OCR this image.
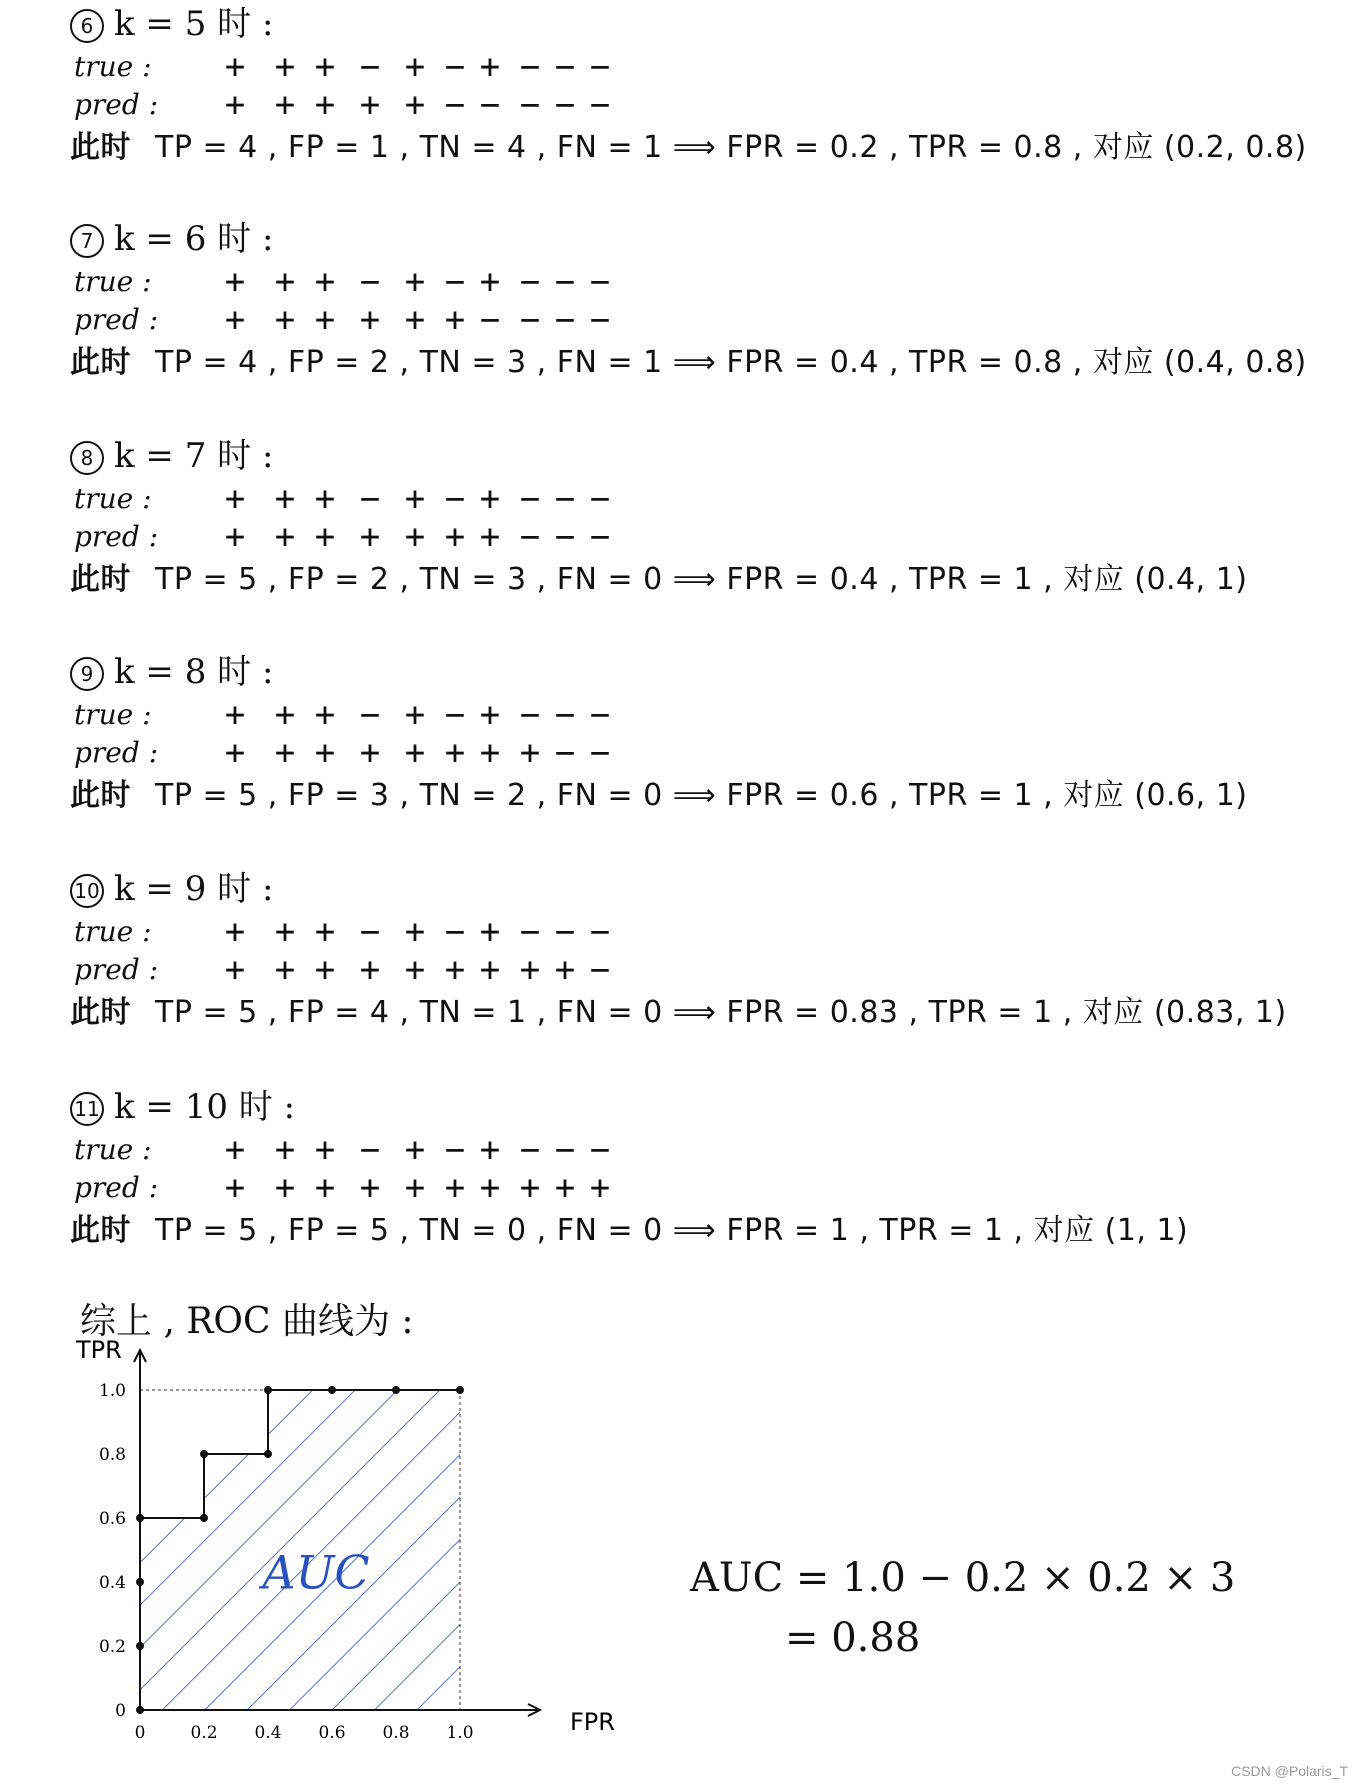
6 k = 5 时 :
true :	+ + + − + − + − − −
pred :	+ + + + + − − − − −
此时 TP = 4 , FP = 1 , TN = 4 , FN = 1 ⟹ FPR = 0.2 , TPR = 0.8 , 对应 (0.2, 0.8)
7 k = 6 时 :
true :	+ + + − + − + − − −
pred :	+ + + + + + − − − −
此时 TP = 4 , FP = 2 , TN = 3 , FN = 1 ⟹ FPR = 0.4 , TPR = 0.8 , 对应 (0.4, 0.8)
8 k = 7 时 :
true :	+ + + − + − + − − −
pred :	+ + + + + + + − − −
此时 TP = 5 , FP = 2 , TN = 3 , FN = 0 ⟹ FPR = 0.4 , TPR = 1 , 对应 (0.4, 1)
9 k = 8 时 :
true :	+ + + − + − + − − −
pred :	+ + + + + + + + − −
此时 TP = 5 , FP = 3 , TN = 2 , FN = 0 ⟹ FPR = 0.6 , TPR = 1 , 对应 (0.6, 1)
10 k = 9 时 :
true :	+ + + − + − + − − −
pred :	+ + + + + + + + + −
此时 TP = 5 , FP = 4 , TN = 1 , FN = 0 ⟹ FPR = 0.83 , TPR = 1 , 对应 (0.83, 1)
11 k = 10 时 :
true :	+ + + − + − + − − −
pred :	+ + + + + + + + + +
此时 TP = 5 , FP = 5 , TN = 0 , FN = 0 ⟹ FPR = 1 , TPR = 1 , 对应 (1, 1)
综上 , ROC 曲线为 :
0	0.2 0.4 0.6 0.8 1.0
0
0.2
0.4
0.6
0.8
1.0
FPR
TPR
AUC	AUC = 1.0 − 0.2 × 0.2 × 3
= 0.88
CSDN @Polaris_T
